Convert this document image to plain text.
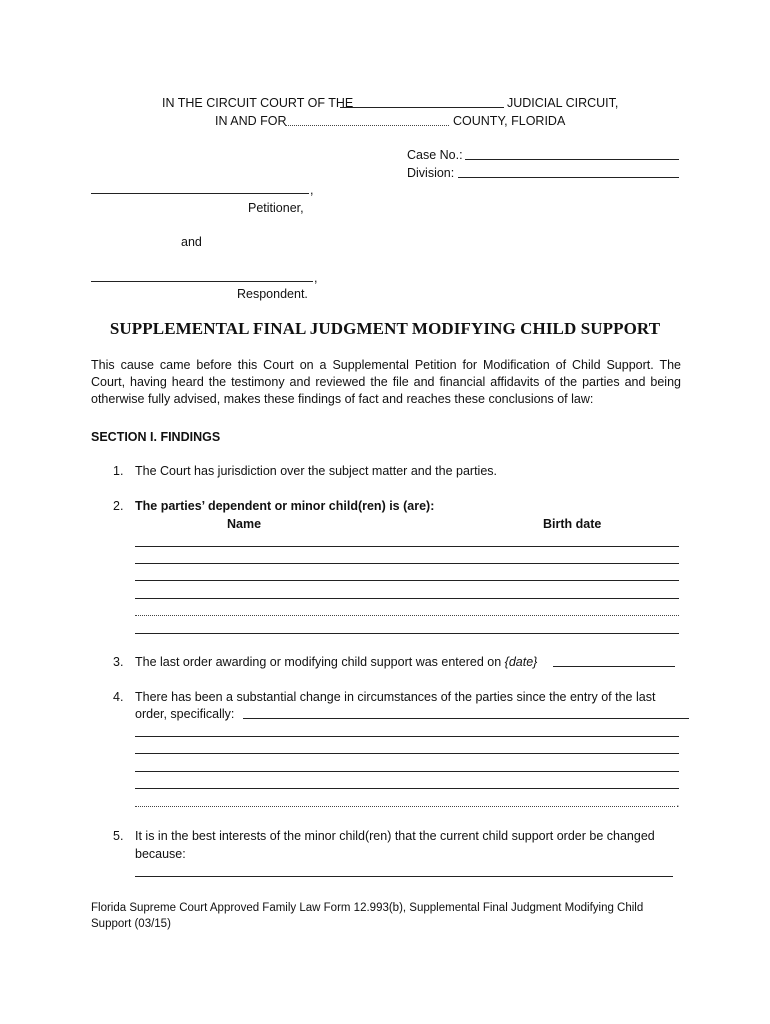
IN THE CIRCUIT COURT OF THE	JUDICIAL CIRCUIT,
IN AND FOR	COUNTY, FLORIDA
Case No.:
Division:
,
Petitioner,
and
,
Respondent.
SUPPLEMENTAL FINAL JUDGMENT MODIFYING CHILD SUPPORT
This cause came before this Court on a Supplemental Petition for Modification of Child Support. The Court, having heard the testimony and reviewed the file and financial affidavits of the parties and being otherwise fully advised, makes these findings of fact and reaches these conclusions of law:
SECTION I. FINDINGS
1. The Court has jurisdiction over the subject matter and the parties.
2. The parties’ dependent or minor child(ren) is (are):
Name	Birth date
3. The last order awarding or modifying child support was entered on {date}
4. There has been a substantial change in circumstances of the parties since the entry of the last
order, specifically:
.
5. It is in the best interests of the minor child(ren) that the current child support order be changed
because:
Florida Supreme Court Approved Family Law Form 12.993(b), Supplemental Final Judgment Modifying Child Support (03/15)
